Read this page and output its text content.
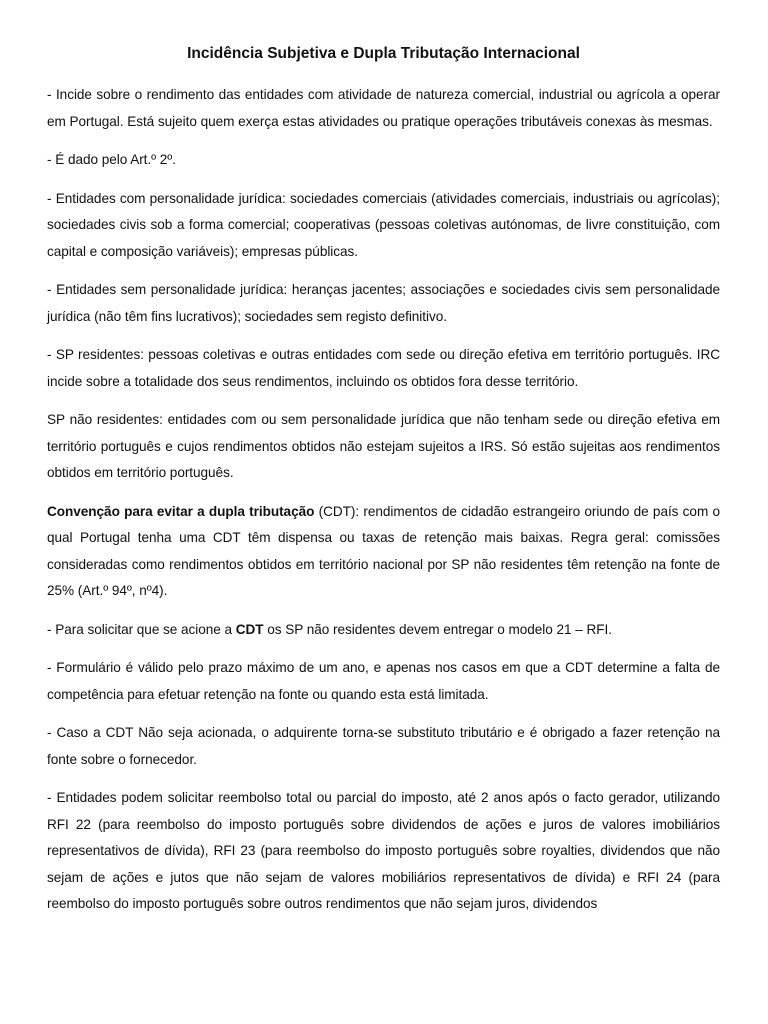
Incidência Subjetiva e Dupla Tributação Internacional

- Incide sobre o rendimento das entidades com atividade de natureza comercial, industrial ou agrícola a operar em Portugal. Está sujeito quem exerça estas atividades ou pratique operações tributáveis conexas às mesmas.

- É dado pelo Art.º 2º.

- Entidades com personalidade jurídica: sociedades comerciais (atividades comerciais, industriais ou agrícolas); sociedades civis sob a forma comercial; cooperativas (pessoas coletivas autónomas, de livre constituição, com capital e composição variáveis); empresas públicas.

- Entidades sem personalidade jurídica: heranças jacentes; associações e sociedades civis sem personalidade jurídica (não têm fins lucrativos); sociedades sem registo definitivo.

- SP residentes: pessoas coletivas e outras entidades com sede ou direção efetiva em território português. IRC incide sobre a totalidade dos seus rendimentos, incluindo os obtidos fora desse território.

SP não residentes: entidades com ou sem personalidade jurídica que não tenham sede ou direção efetiva em território português e cujos rendimentos obtidos não estejam sujeitos a IRS. Só estão sujeitas aos rendimentos obtidos em território português.

Convenção para evitar a dupla tributação (CDT): rendimentos de cidadão estrangeiro oriundo de país com o qual Portugal tenha uma CDT têm dispensa ou taxas de retenção mais baixas. Regra geral: comissões consideradas como rendimentos obtidos em território nacional por SP não residentes têm retenção na fonte de 25% (Art.º 94º, nº4).

- Para solicitar que se acione a CDT os SP não residentes devem entregar o modelo 21 – RFI.

- Formulário é válido pelo prazo máximo de um ano, e apenas nos casos em que a CDT determine a falta de competência para efetuar retenção na fonte ou quando esta está limitada.

- Caso a CDT Não seja acionada, o adquirente torna-se substituto tributário e é obrigado a fazer retenção na fonte sobre o fornecedor.

- Entidades podem solicitar reembolso total ou parcial do imposto, até 2 anos após o facto gerador, utilizando RFI 22 (para reembolso do imposto português sobre dividendos de ações e juros de valores imobiliários representativos de dívida), RFI 23 (para reembolso do imposto português sobre royalties, dividendos que não sejam de ações e jutos que não sejam de valores mobiliários representativos de dívida) e RFI 24 (para reembolso do imposto português sobre outros rendimentos que não sejam juros, dividendos
